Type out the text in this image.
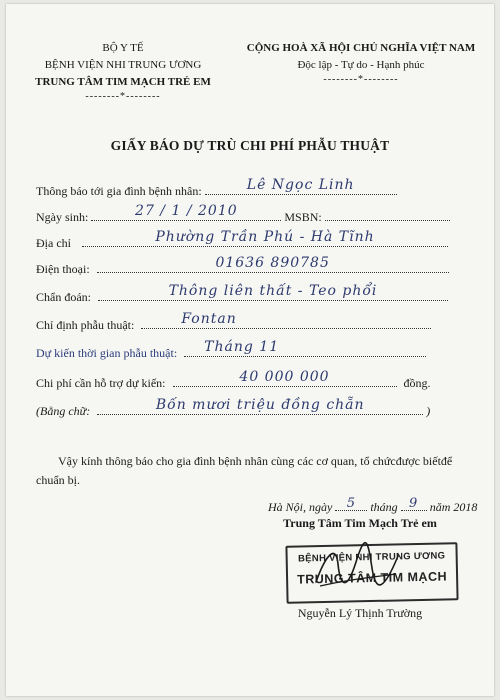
BỘ Y TẾ
BỆNH VIỆN NHI TRUNG ƯƠNG
TRUNG TÂM TIM MẠCH TRẺ EM
--------*--------
CỘNG HOÀ XÃ HỘI CHỦ NGHĨA VIỆT NAM
Độc lập - Tự do - Hạnh phúc
--------*--------
GIẤY BÁO DỰ TRÙ CHI PHÍ PHẪU THUẬT
Thông báo tới gia đình bệnh nhân:	Lê Ngọc Linh
Ngày sinh:	27 / 1 / 2010	MSBN:
Địa chỉ	Phường Trần Phú - Hà Tĩnh
Điện thoại:	01636 890785
Chẩn đoán:	Thông liên thất - Teo phổi
Chỉ định phẫu thuật:	Fontan
Dự kiến thời gian phẫu thuật: Tháng 11
Chi phí cần hỗ trợ dự kiến:	40 000 000	đồng.
(Bằng chữ:	Bốn mươi triệu đồng chẵn	)
Vậy kính thông báo cho gia đình bệnh nhân cùng các cơ quan, tổ chứcđược biếtđể chuẩn bị.
Hà Nội, ngày	5	tháng 9 năm 2018
Trung Tâm Tim Mạch Trẻ em
BỆNH VIỆN NHI TRUNG ƯƠNG
TRUNG TÂM TIM MẠCH
Nguyễn Lý Thịnh Trường
